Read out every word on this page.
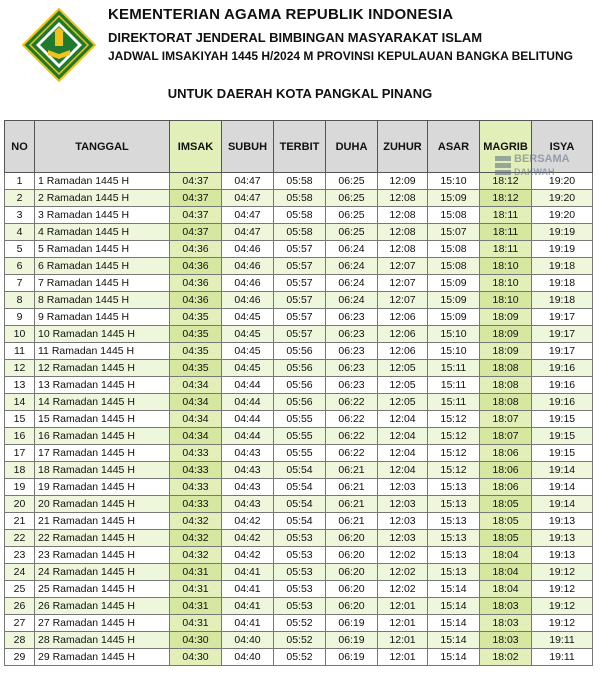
KEMENTERIAN AGAMA REPUBLIK INDONESIA
DIREKTORAT JENDERAL BIMBINGAN MASYARAKAT ISLAM
JADWAL IMSAKIYAH 1445 H/2024 M PROVINSI KEPULAUAN BANGKA BELITUNG
UNTUK DAERAH KOTA PANGKAL PINANG
NO	TANGGAL	IMSAK	SUBUH	TERBIT	DUHA	ZUHUR	ASAR	MAGRIB	ISYA
1	1 Ramadan 1445 H	04:37	04:47	05:58	06:25	12:09	15:10	18:12	19:20
2	2 Ramadan 1445 H	04:37	04:47	05:58	06:25	12:08	15:09	18:12	19:20
3	3 Ramadan 1445 H	04:37	04:47	05:58	06:25	12:08	15:08	18:11	19:20
4	4 Ramadan 1445 H	04:37	04:47	05:58	06:25	12:08	15:07	18:11	19:19
5	5 Ramadan 1445 H	04:36	04:46	05:57	06:24	12:08	15:08	18:11	19:19
6	6 Ramadan 1445 H	04:36	04:46	05:57	06:24	12:07	15:08	18:10	19:18
7	7 Ramadan 1445 H	04:36	04:46	05:57	06:24	12:07	15:09	18:10	19:18
8	8 Ramadan 1445 H	04:36	04:46	05:57	06:24	12:07	15:09	18:10	19:18
9	9 Ramadan 1445 H	04:35	04:45	05:57	06:23	12:06	15:09	18:09	19:17
10	10 Ramadan 1445 H	04:35	04:45	05:57	06:23	12:06	15:10	18:09	19:17
11	11 Ramadan 1445 H	04:35	04:45	05:56	06:23	12:06	15:10	18:09	19:17
12	12 Ramadan 1445 H	04:35	04:45	05:56	06:23	12:05	15:11	18:08	19:16
13	13 Ramadan 1445 H	04:34	04:44	05:56	06:23	12:05	15:11	18:08	19:16
14	14 Ramadan 1445 H	04:34	04:44	05:56	06:22	12:05	15:11	18:08	19:16
15	15 Ramadan 1445 H	04:34	04:44	05:55	06:22	12:04	15:12	18:07	19:15
16	16 Ramadan 1445 H	04:34	04:44	05:55	06:22	12:04	15:12	18:07	19:15
17	17 Ramadan 1445 H	04:33	04:43	05:55	06:22	12:04	15:12	18:06	19:15
18	18 Ramadan 1445 H	04:33	04:43	05:54	06:21	12:04	15:12	18:06	19:14
19	19 Ramadan 1445 H	04:33	04:43	05:54	06:21	12:03	15:13	18:06	19:14
20	20 Ramadan 1445 H	04:33	04:43	05:54	06:21	12:03	15:13	18:05	19:14
21	21 Ramadan 1445 H	04:32	04:42	05:54	06:21	12:03	15:13	18:05	19:13
22	22 Ramadan 1445 H	04:32	04:42	05:53	06:20	12:03	15:13	18:05	19:13
23	23 Ramadan 1445 H	04:32	04:42	05:53	06:20	12:02	15:13	18:04	19:13
24	24 Ramadan 1445 H	04:31	04:41	05:53	06:20	12:02	15:13	18:04	19:12
25	25 Ramadan 1445 H	04:31	04:41	05:53	06:20	12:02	15:14	18:04	19:12
26	26 Ramadan 1445 H	04:31	04:41	05:53	06:20	12:01	15:14	18:03	19:12
27	27 Ramadan 1445 H	04:31	04:41	05:52	06:19	12:01	15:14	18:03	19:12
28	28 Ramadan 1445 H	04:30	04:40	05:52	06:19	12:01	15:14	18:03	19:11
29	29 Ramadan 1445 H	04:30	04:40	05:52	06:19	12:01	15:14	18:02	19:11
BERSAMA
DAKWAH
